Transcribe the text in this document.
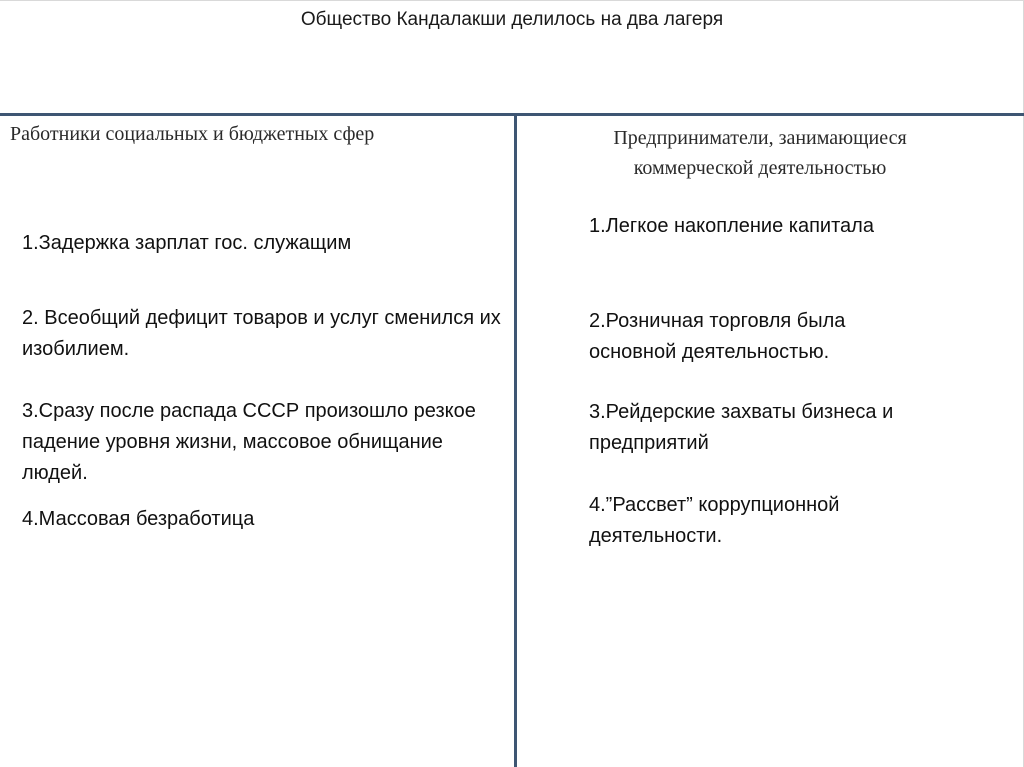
Общество Кандалакши делилось на два лагеря
Работники социальных и бюджетных сфер	Предприниматели, занимающиеся
коммерческой деятельностью
1.Задержка зарплат гос. служащим
2. Всеобщий дефицит товаров и услуг сменился их изобилием.
3.Сразу после распада СССР произошло резкое падение уровня жизни, массовое обнищание людей.
4.Массовая безработица
1.Легкое накопление капитала
2.Розничная торговля была основной деятельностью.
3.Рейдерские захваты бизнеса и предприятий
4.”Рассвет” коррупционной деятельности.
